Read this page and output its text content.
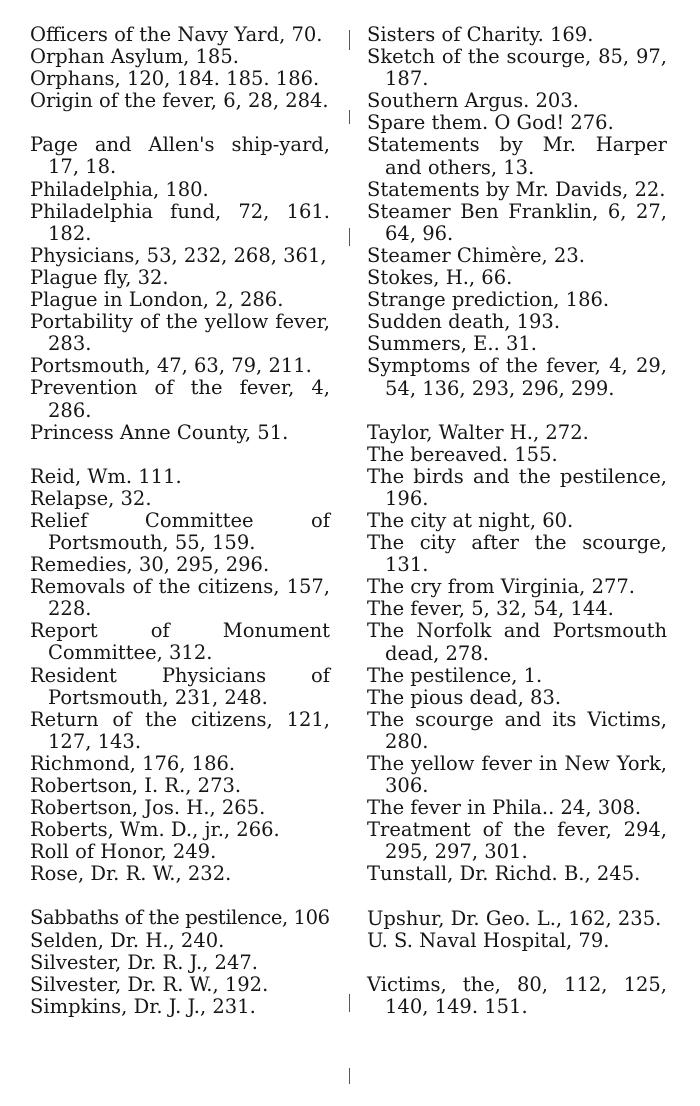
Officers of the Navy Yard, 70.
Orphan Asylum, 185.
Orphans, 120, 184. 185. 186.
Origin of the fever, 6, 28, 284.
Page and Allen's ship-yard, 17, 18.
Philadelphia, 180.
Philadelphia fund, 72, 161. 182.
Physicians, 53, 232, 268, 361,
Plague fly, 32.
Plague in London, 2, 286.
Portability of the yellow fever, 283.
Portsmouth, 47, 63, 79, 211.
Prevention of the fever, 4, 286.
Princess Anne County, 51.
Reid, Wm. 111.
Relapse, 32.
Relief Committee of Portsmouth, 55, 159.
Remedies, 30, 295, 296.
Removals of the citizens, 157, 228.
Report of Monument Committee, 312.
Resident Physicians of Portsmouth, 231, 248.
Return of the citizens, 121, 127, 143.
Richmond, 176, 186.
Robertson, I. R., 273.
Robertson, Jos. H., 265.
Roberts, Wm. D., jr., 266.
Roll of Honor, 249.
Rose, Dr. R. W., 232.
Sabbaths of the pestilence, 106
Selden, Dr. H., 240.
Silvester, Dr. R. J., 247.
Silvester, Dr. R. W., 192.
Simpkins, Dr. J. J., 231.
Sisters of Charity. 169.
Sketch of the scourge, 85, 97, 187.
Southern Argus. 203.
Spare them. O God! 276.
Statements by Mr. Harper and others, 13.
Statements by Mr. Davids, 22.
Steamer Ben Franklin, 6, 27, 64, 96.
Steamer Chimère, 23.
Stokes, H., 66.
Strange prediction, 186.
Sudden death, 193.
Summers, E.. 31.
Symptoms of the fever, 4, 29, 54, 136, 293, 296, 299.
Taylor, Walter H., 272.
The bereaved. 155.
The birds and the pestilence, 196.
The city at night, 60.
The city after the scourge, 131.
The cry from Virginia, 277.
The fever, 5, 32, 54, 144.
The Norfolk and Portsmouth dead, 278.
The pestilence, 1.
The pious dead, 83.
The scourge and its Victims, 280.
The yellow fever in New York, 306.
The fever in Phila.. 24, 308.
Treatment of the fever, 294, 295, 297, 301.
Tunstall, Dr. Richd. B., 245.
Upshur, Dr. Geo. L., 162, 235.
U. S. Naval Hospital, 79.
Victims, the, 80, 112, 125, 140, 149. 151.
